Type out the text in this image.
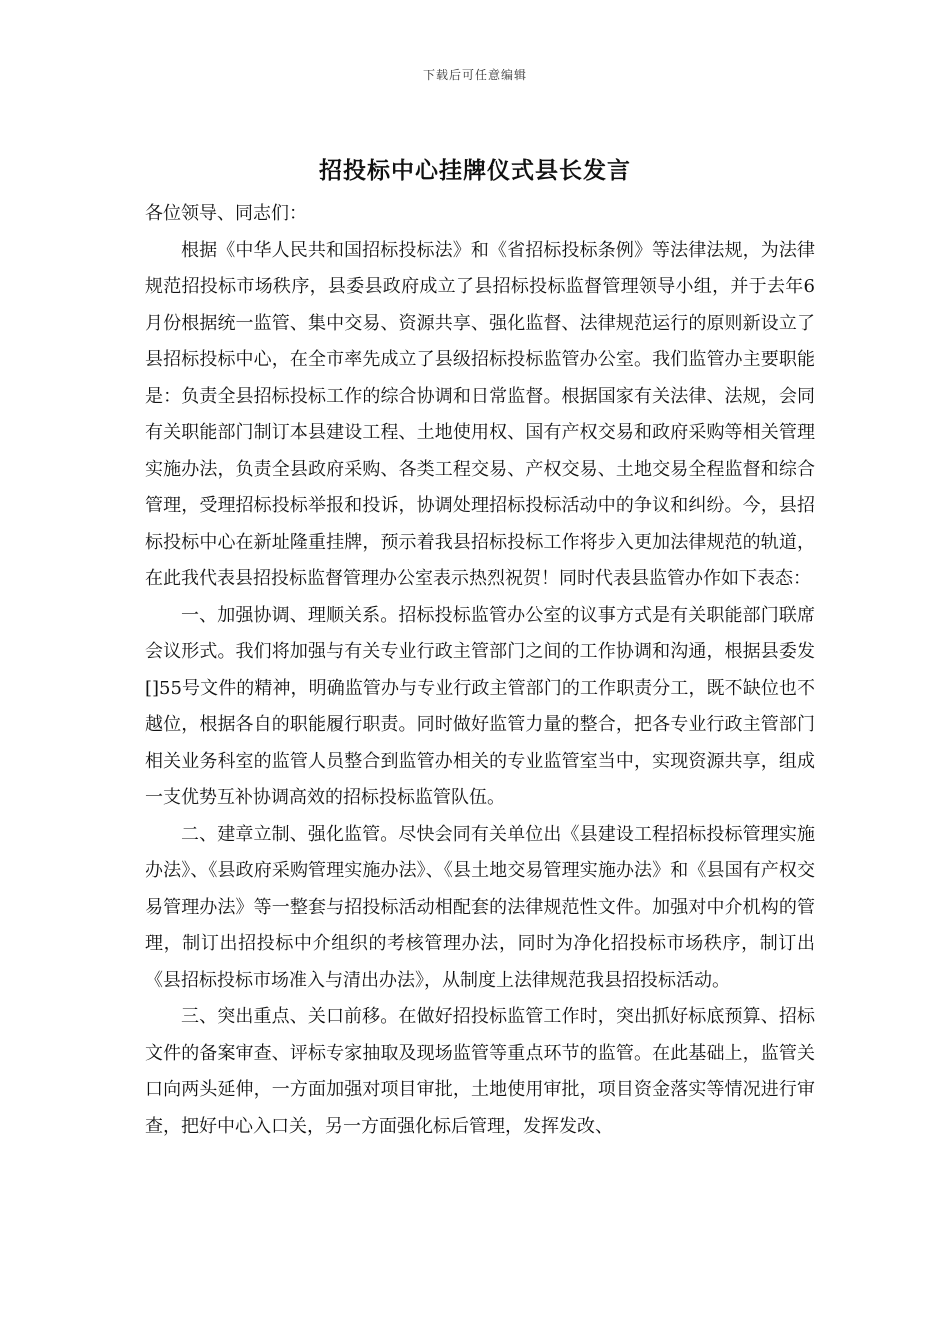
下载后可任意编辑
招投标中心挂牌仪式县长发言

各位领导、同志们：

根据《中华人民共和国招标投标法》和《省招标投标条例》等法律法规，为法律规范招投标市场秩序，县委县政府成立了县招标投标监督管理领导小组，并于去年6月份根据统一监管、集中交易、资源共享、强化监督、法律规范运行的原则新设立了县招标投标中心，在全市率先成立了县级招标投标监管办公室。我们监管办主要职能是：负责全县招标投标工作的综合协调和日常监督。根据国家有关法律、法规，会同有关职能部门制订本县建设工程、土地使用权、国有产权交易和政府采购等相关管理实施办法，负责全县政府采购、各类工程交易、产权交易、土地交易全程监督和综合管理，受理招标投标举报和投诉，协调处理招标投标活动中的争议和纠纷。今，县招标投标中心在新址隆重挂牌，预示着我县招标投标工作将步入更加法律规范的轨道，在此我代表县招投标监督管理办公室表示热烈祝贺！同时代表县监管办作如下表态：

一、加强协调、理顺关系。招标投标监管办公室的议事方式是有关职能部门联席会议形式。我们将加强与有关专业行政主管部门之间的工作协调和沟通，根据县委发[]55号文件的精神，明确监管办与专业行政主管部门的工作职责分工，既不缺位也不越位，根据各自的职能履行职责。同时做好监管力量的整合，把各专业行政主管部门相关业务科室的监管人员整合到监管办相关的专业监管室当中，实现资源共享，组成一支优势互补协调高效的招标投标监管队伍。

二、建章立制、强化监管。尽快会同有关单位出《县建设工程招标投标管理实施办法》、《县政府采购管理实施办法》、《县土地交易管理实施办法》和《县国有产权交易管理办法》等一整套与招投标活动相配套的法律规范性文件。加强对中介机构的管理，制订出招投标中介组织的考核管理办法，同时为净化招投标市场秩序，制订出《县招标投标市场准入与清出办法》，从制度上法律规范我县招投标活动。

三、突出重点、关口前移。在做好招投标监管工作时，突出抓好标底预算、招标文件的备案审查、评标专家抽取及现场监管等重点环节的监管。在此基础上，监管关口向两头延伸，一方面加强对项目审批，土地使用审批，项目资金落实等情况进行审查，把好中心入口关，另一方面强化标后管理，发挥发改、
